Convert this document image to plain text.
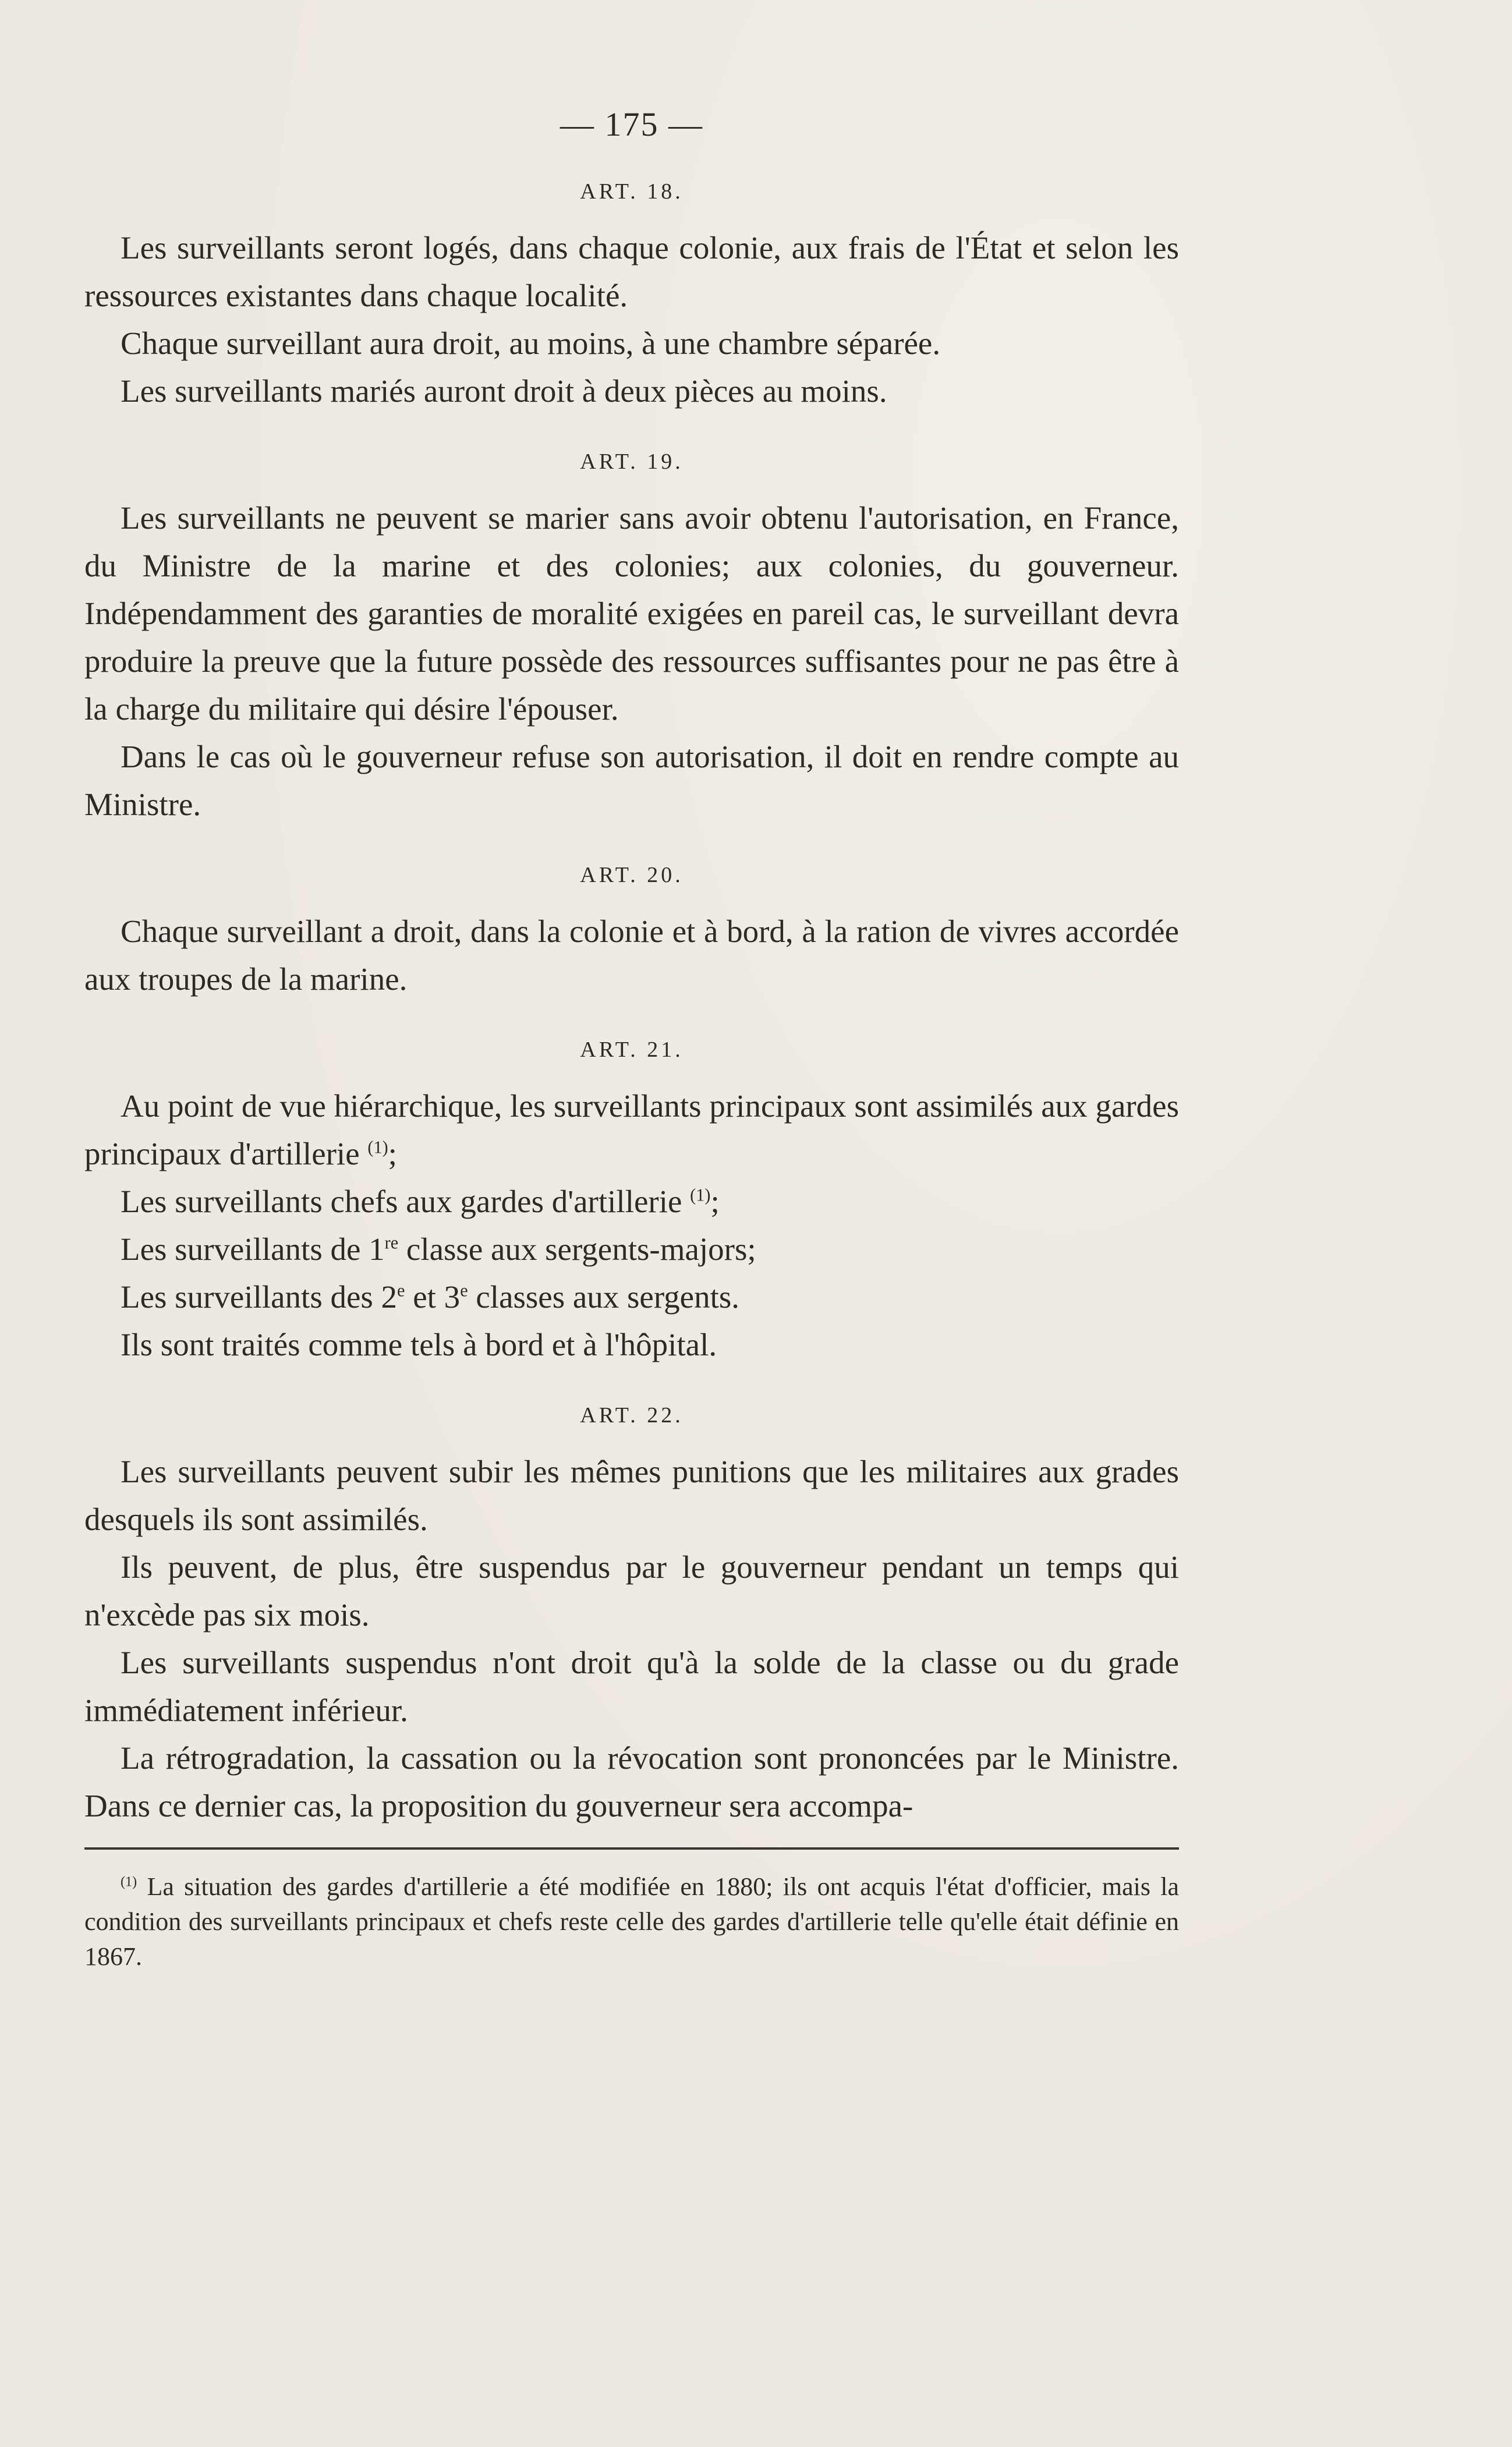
— 175 —
ART. 18.

Les surveillants seront logés, dans chaque colonie, aux frais de l'État et selon les ressources existantes dans chaque localité.

Chaque surveillant aura droit, au moins, à une chambre séparée.

Les surveillants mariés auront droit à deux pièces au moins.

ART. 19.

Les surveillants ne peuvent se marier sans avoir obtenu l'autorisation, en France, du Ministre de la marine et des colonies; aux colonies, du gouverneur. Indépendamment des garanties de moralité exigées en pareil cas, le surveillant devra produire la preuve que la future possède des ressources suffisantes pour ne pas être à la charge du militaire qui désire l'épouser.

Dans le cas où le gouverneur refuse son autorisation, il doit en rendre compte au Ministre.

ART. 20.

Chaque surveillant a droit, dans la colonie et à bord, à la ration de vivres accordée aux troupes de la marine.

ART. 21.

Au point de vue hiérarchique, les surveillants principaux sont assimilés aux gardes principaux d'artillerie $^{(1)}$;

Les surveillants chefs aux gardes d'artillerie $^{(1)}$;

Les surveillants de 1re classe aux sergents-majors;

Les surveillants des 2e et 3e classes aux sergents.

Ils sont traités comme tels à bord et à l'hôpital.

ART. 22.

Les surveillants peuvent subir les mêmes punitions que les militaires aux grades desquels ils sont assimilés.

Ils peuvent, de plus, être suspendus par le gouverneur pendant un temps qui n'excède pas six mois.

Les surveillants suspendus n'ont droit qu'à la solde de la classe ou du grade immédiatement inférieur.

La rétrogradation, la cassation ou la révocation sont prononcées par le Ministre. Dans ce dernier cas, la proposition du gouverneur sera accompa-

$^{(1)}$ La situation des gardes d'artillerie a été modifiée en 1880; ils ont acquis l'état d'officier, mais la condition des surveillants principaux et chefs reste celle des gardes d'artillerie telle qu'elle était définie en 1867.
